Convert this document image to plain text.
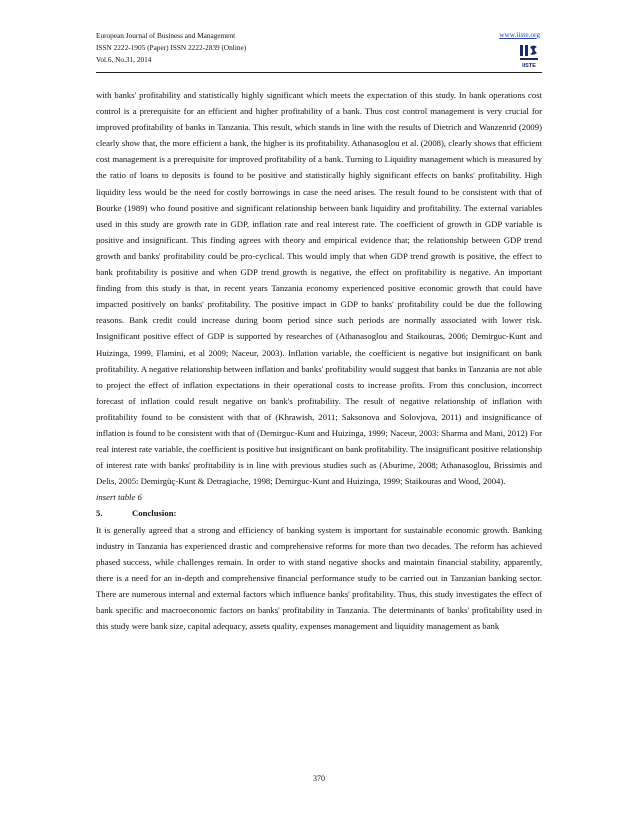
European Journal of Business and Management
ISSN 2222-1905 (Paper) ISSN 2222-2839 (Online)
Vol.6, No.31, 2014
www.iiste.org
IISTE

with banks' profitability and statistically highly significant which meets the expectation of this study. In bank operations cost control is a prerequisite for an efficient and higher profitability of a bank. Thus cost control management is very crucial for improved profitability of banks in Tanzania. This result, which stands in line with the results of Dietrich and Wanzenrid (2009) clearly show that, the more efficient a bank, the higher is its profitability. Athanasoglou et al. (2008), clearly shows that efficient cost management is a prerequisite for improved profitability of a bank. Turning to Liquidity management which is measured by the ratio of loans to deposits is found to be positive and statistically highly significant effects on banks' profitability. High liquidity less would be the need for costly borrowings in case the need arises. The result found to be consistent with that of Bourke (1989) who found positive and significant relationship between bank liquidity and profitability. The external variables used in this study are growth rate in GDP, inflation rate and real interest rate. The coefficient of growth in GDP variable is positive and insignificant. This finding agrees with theory and empirical evidence that; the relationship between GDP trend growth and banks' profitability could be pro-cyclical. This would imply that when GDP trend growth is positive, the effect to bank profitability is positive and when GDP trend growth is negative, the effect on profitability is negative. An important finding from this study is that, in recent years Tanzania economy experienced positive economic growth that could have impacted positively on banks' profitability. The positive impact in GDP to banks' profitability could be due the following reasons. Bank credit could increase during boom period since such periods are normally associated with lower risk. Insignificant positive effect of GDP is supported by researches of (Athanasoglou and Staikouras, 2006; Demirguc-Kunt and Huizinga, 1999, Flamini, et al 2009; Naceur, 2003). Inflation variable, the coefficient is negative but insignificant on bank profitability. A negative relationship between inflation and banks' profitability would suggest that banks in Tanzania are not able to project the effect of inflation expectations in their operational costs to increase profits. From this conclusion, incorrect forecast of inflation could result negative on bank's profitability. The result of negative relationship of inflation with profitability found to be consistent with that of (Khrawish, 2011; Saksonova and Solovjova, 2011) and insignificance of inflation is found to be consistent with that of (Demirguc-Kunt and Huizinga, 1999; Naceur, 2003: Sharma and Mani, 2012) For real interest rate variable, the coefficient is positive but insignificant on bank profitability. The insignificant positive relationship of interest rate with banks' profitability is in line with previous studies such as (Aburime, 2008; Athanasoglou, Brissimis and Delis, 2005: Demirgüç-Kunt & Detragiache, 1998; Demirguc-Kunt and Huizinga, 1999; Staikouras and Wood, 2004).

insert table 6

5.	Conclusion:

It is generally agreed that a strong and efficiency of banking system is important for sustainable economic growth. Banking industry in Tanzania has experienced drastic and comprehensive reforms for more than two decades. The reform has achieved phased success, while challenges remain. In order to with stand negative shocks and maintain financial stability, apparently, there is a need for an in-depth and comprehensive financial performance study to be carried out in Tanzanian banking sector. There are numerous internal and external factors which influence banks' profitability. Thus, this study investigates the effect of bank specific and macroeconomic factors on banks' profitability in Tanzania. The determinants of banks' profitability used in this study were bank size, capital adequacy, assets quality, expenses management and liquidity management as bank

370
